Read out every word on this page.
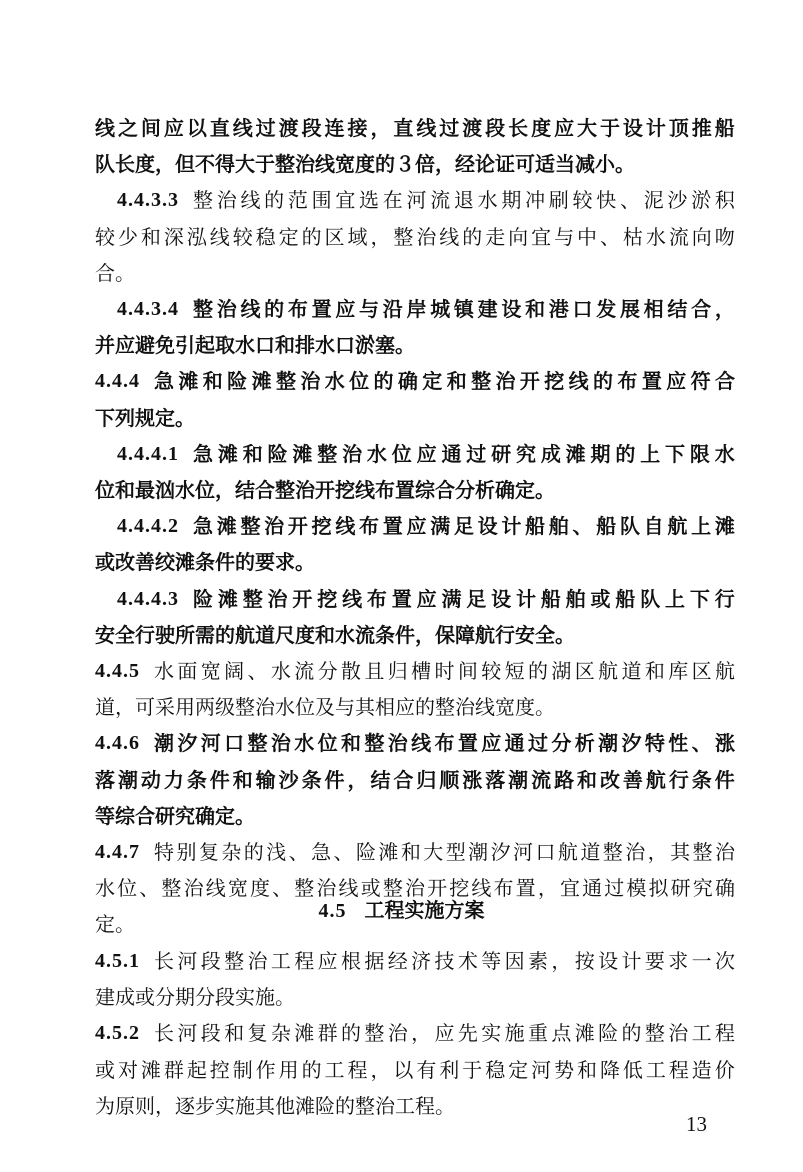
线 之 间 应 以 直 线 过 渡 段 连 接 ， 直 线 过 渡 段 长 度 应 大 于 设 计 顶 推 船
队长度，但不得大于整治线宽度的３倍，经论证可适当减小。
4.4.3.3 整 治 线 的 范 围 宜 选 在 河 流 退 水 期 冲 刷 较 快 、 泥 沙 淤 积
较 少 和 深 泓 线 较 稳 定 的 区 域 ， 整 治 线 的 走 向 宜 与 中 、 枯 水 流 向 吻
合。
4.4.3.4 整 治 线 的 布 置 应 与 沿 岸 城 镇 建 设 和 港 口 发 展 相 结 合 ，
并应避免引起取水口和排水口淤塞。
4.4.4 急 滩 和 险 滩 整 治 水 位 的 确 定 和 整 治 开 挖 线 的 布 置 应 符 合
下列规定。
4.4.4.1 急 滩 和 险 滩 整 治 水 位 应 通 过 研 究 成 滩 期 的 上 下 限 水
位和最汹水位，结合整治开挖线布置综合分析确定。
4.4.4.2 急 滩 整 治 开 挖 线 布 置 应 满 足 设 计 船 舶 、 船 队 自 航 上 滩
或改善绞滩条件的要求。
4.4.4.3 险 滩 整 治 开 挖 线 布 置 应 满 足 设 计 船 舶 或 船 队 上 下 行
安全行驶所需的航道尺度和水流条件，保障航行安全。
4.4.5 水 面 宽 阔 、 水 流 分 散 且 归 槽 时 间 较 短 的 湖 区 航 道 和 库 区 航
道，可采用两级整治水位及与其相应的整治线宽度。
4.4.6 潮 汐 河 口 整 治 水 位 和 整 治 线 布 置 应 通 过 分 析 潮 汐 特 性 、 涨
落 潮 动 力 条 件 和 输 沙 条 件 ， 结 合 归 顺 涨 落 潮 流 路 和 改 善 航 行 条 件
等综合研究确定。
4.4.7 特 别 复 杂 的 浅 、 急 、 险 滩 和 大 型 潮 汐 河 口 航 道 整 治 ， 其 整 治
水 位 、 整 治 线 宽 度 、 整 治 线 或 整 治 开 挖 线 布 置 ， 宜 通 过 模 拟 研 究 确
定。
4.5 工程实施方案
4.5.1 长 河 段 整 治 工 程 应 根 据 经 济 技 术 等 因 素 ， 按 设 计 要 求 一 次
建成或分期分段实施。
4.5.2 长 河 段 和 复 杂 滩 群 的 整 治 ， 应 先 实 施 重 点 滩 险 的 整 治 工 程
或 对 滩 群 起 控 制 作 用 的 工 程 ， 以 有 利 于 稳 定 河 势 和 降 低 工 程 造 价
为原则，逐步实施其他滩险的整治工程。
13
